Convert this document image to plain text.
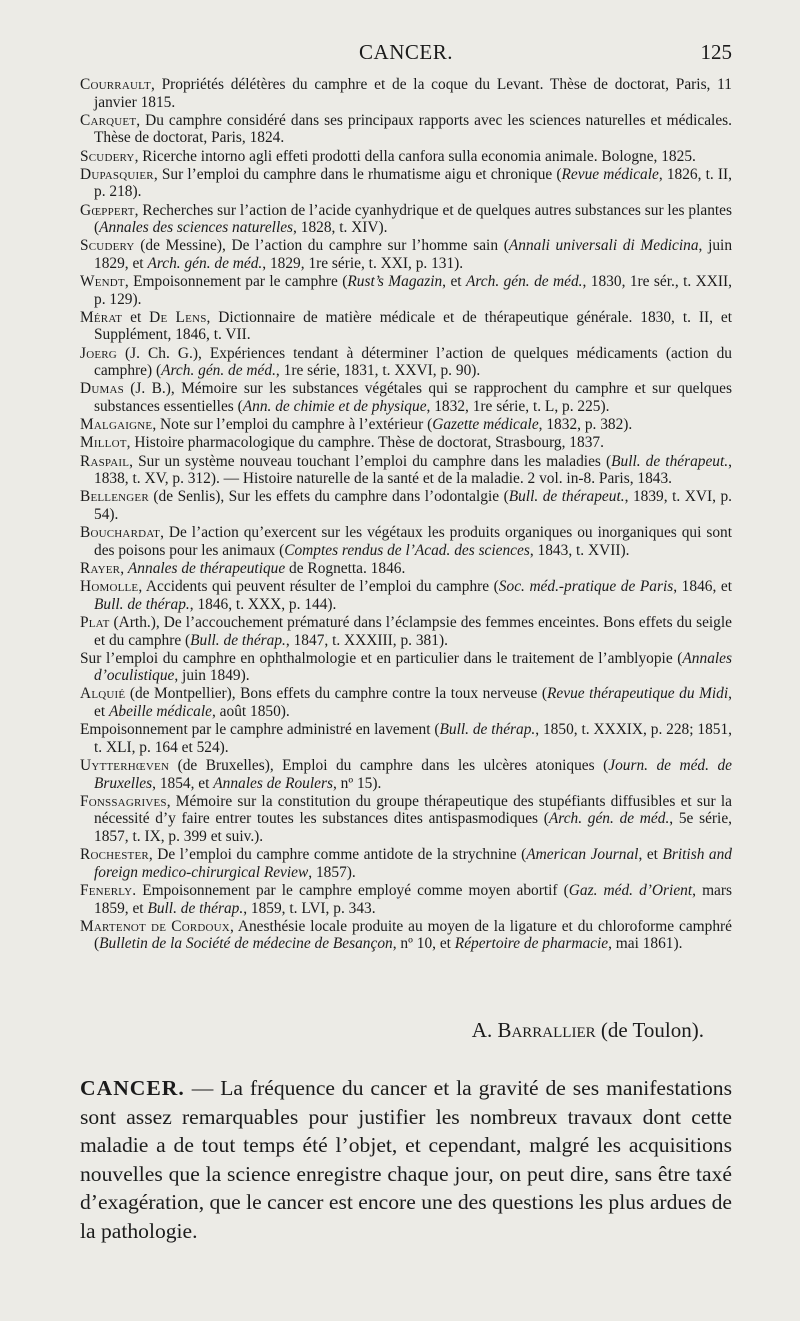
CANCER.	125

Courrault, Propriétés délétères du camphre et de la coque du Levant. Thèse de doctorat, Paris, 11 janvier 1815.

Carquet, Du camphre considéré dans ses principaux rapports avec les sciences naturelles et médicales. Thèse de doctorat, Paris, 1824.

Scudery, Ricerche intorno agli effeti prodotti della canfora sulla economia animale. Bologne, 1825.

Dupasquier, Sur l’emploi du camphre dans le rhumatisme aigu et chronique (Revue médicale, 1826, t. II, p. 218).

Gœppert, Recherches sur l’action de l’acide cyanhydrique et de quelques autres substances sur les plantes (Annales des sciences naturelles, 1828, t. XIV).

Scudery (de Messine), De l’action du camphre sur l’homme sain (Annali universali di Medicina, juin 1829, et Arch. gén. de méd., 1829, 1re série, t. XXI, p. 131).

Wendt, Empoisonnement par le camphre (Rust’s Magazin, et Arch. gén. de méd., 1830, 1re sér., t. XXII, p. 129).

Mérat et De Lens, Dictionnaire de matière médicale et de thérapeutique générale. 1830, t. II, et Supplément, 1846, t. VII.

Joerg (J. Ch. G.), Expériences tendant à déterminer l’action de quelques médicaments (action du camphre) (Arch. gén. de méd., 1re série, 1831, t. XXVI, p. 90).

Dumas (J. B.), Mémoire sur les substances végétales qui se rapprochent du camphre et sur quelques substances essentielles (Ann. de chimie et de physique, 1832, 1re série, t. L, p. 225).

Malgaigne, Note sur l’emploi du camphre à l’extérieur (Gazette médicale, 1832, p. 382).

Millot, Histoire pharmacologique du camphre. Thèse de doctorat, Strasbourg, 1837.

Raspail, Sur un système nouveau touchant l’emploi du camphre dans les maladies (Bull. de thérapeut., 1838, t. XV, p. 312). — Histoire naturelle de la santé et de la maladie. 2 vol. in-8. Paris, 1843.

Bellenger (de Senlis), Sur les effets du camphre dans l’odontalgie (Bull. de thérapeut., 1839, t. XVI, p. 54).

Bouchardat, De l’action qu’exercent sur les végétaux les produits organiques ou inorganiques qui sont des poisons pour les animaux (Comptes rendus de l’Acad. des sciences, 1843, t. XVII).

Rayer, Annales de thérapeutique de Rognetta. 1846.

Homolle, Accidents qui peuvent résulter de l’emploi du camphre (Soc. méd.-pratique de Paris, 1846, et Bull. de thérap., 1846, t. XXX, p. 144).

Plat (Arth.), De l’accouchement prématuré dans l’éclampsie des femmes enceintes. Bons effets du seigle et du camphre (Bull. de thérap., 1847, t. XXXIII, p. 381).

Sur l’emploi du camphre en ophthalmologie et en particulier dans le traitement de l’amblyopie (Annales d’oculistique, juin 1849).

Alquié (de Montpellier), Bons effets du camphre contre la toux nerveuse (Revue thérapeutique du Midi, et Abeille médicale, août 1850).

Empoisonnement par le camphre administré en lavement (Bull. de thérap., 1850, t. XXXIX, p. 228; 1851, t. XLI, p. 164 et 524).

Uytterhœven (de Bruxelles), Emploi du camphre dans les ulcères atoniques (Journ. de méd. de Bruxelles, 1854, et Annales de Roulers, nº 15).

Fonssagrives, Mémoire sur la constitution du groupe thérapeutique des stupéfiants diffusibles et sur la nécessité d’y faire entrer toutes les substances dites antispasmodiques (Arch. gén. de méd., 5e série, 1857, t. IX, p. 399 et suiv.).

Rochester, De l’emploi du camphre comme antidote de la strychnine (American Journal, et British and foreign medico-chirurgical Review, 1857).

Fenerly. Empoisonnement par le camphre employé comme moyen abortif (Gaz. méd. d’Orient, mars 1859, et Bull. de thérap., 1859, t. LVI, p. 343.

Martenot de Cordoux, Anesthésie locale produite au moyen de la ligature et du chloroforme camphré (Bulletin de la Société de médecine de Besançon, nº 10, et Répertoire de pharmacie, mai 1861).

A. Barrallier (de Toulon).
CANCER. — La fréquence du cancer et la gravité de ses manifestations sont assez remarquables pour justifier les nombreux travaux dont cette maladie a de tout temps été l’objet, et cependant, malgré les acquisitions nouvelles que la science enregistre chaque jour, on peut dire, sans être taxé d’exagération, que le cancer est encore une des questions les plus ardues de la pathologie.
